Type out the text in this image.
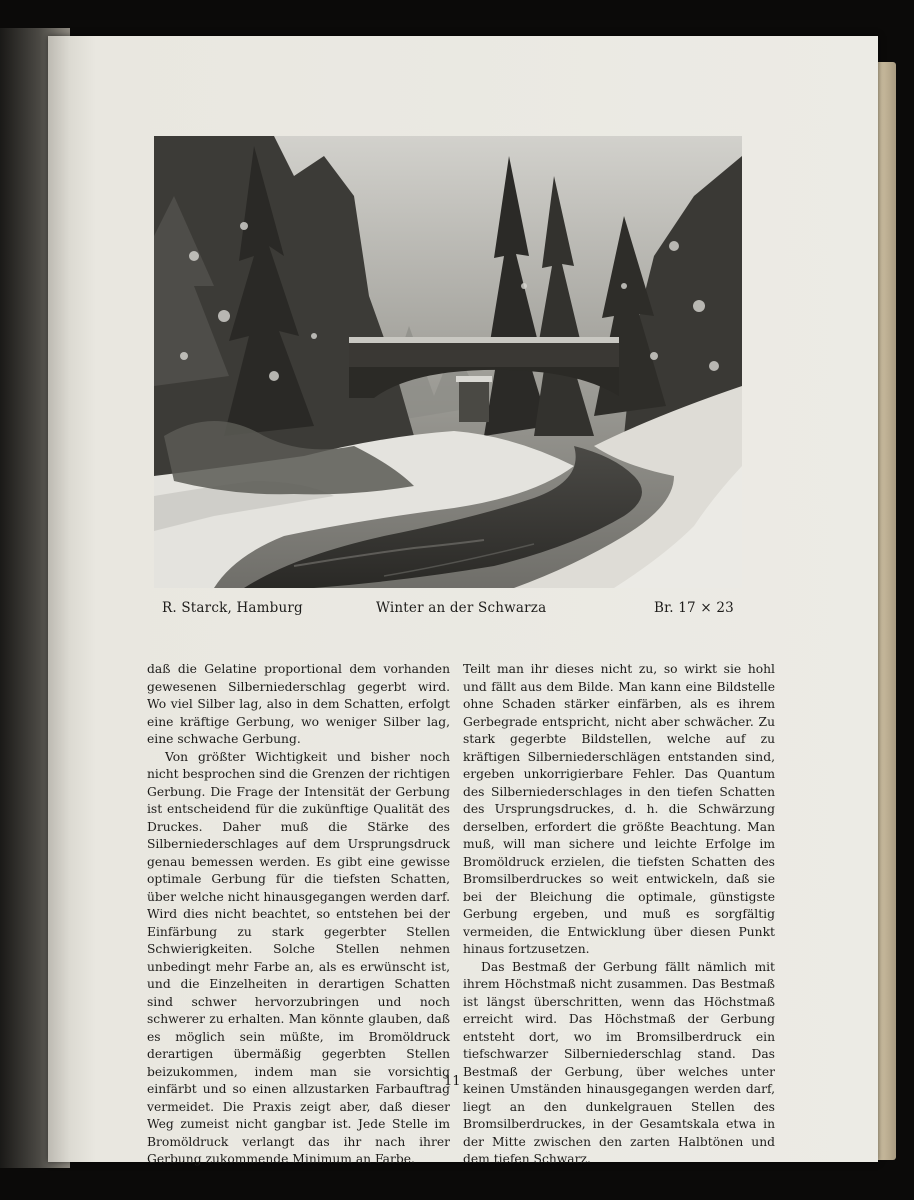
R. Starck, Hamburg	Winter an der Schwarza	Br. 17 × 23

daß die Gelatine proportional dem vorhanden gewesenen Silberniederschlag gegerbt wird. Wo viel Silber lag, also in dem Schatten, erfolgt eine kräftige Gerbung, wo weniger Silber lag, eine schwache Gerbung.

Von größter Wichtigkeit und bisher noch nicht besprochen sind die Grenzen der richtigen Gerbung. Die Frage der Intensität der Gerbung ist entscheidend für die zukünftige Qualität des Druckes. Daher muß die Stärke des Silberniederschlages auf dem Ursprungsdruck genau bemessen werden. Es gibt eine gewisse optimale Gerbung für die tiefsten Schatten, über welche nicht hinausgegangen werden darf. Wird dies nicht beachtet, so entstehen bei der Einfärbung zu stark gegerbter Stellen Schwierigkeiten. Solche Stellen nehmen unbedingt mehr Farbe an, als es erwünscht ist, und die Einzelheiten in derartigen Schatten sind schwer hervorzubringen und noch schwerer zu erhalten. Man könnte glauben, daß es möglich sein müßte, im Bromöldruck derartigen übermäßig gegerbten Stellen beizukommen, indem man sie vorsichtig einfärbt und so einen allzustarken Farbauftrag vermeidet. Die Praxis zeigt aber, daß dieser Weg zumeist nicht gangbar ist. Jede Stelle im Bromöldruck verlangt das ihr nach ihrer Gerbung zukommende Minimum an Farbe.

Teilt man ihr dieses nicht zu, so wirkt sie hohl und fällt aus dem Bilde. Man kann eine Bildstelle ohne Schaden stärker einfärben, als es ihrem Gerbegrade entspricht, nicht aber schwächer. Zu stark gegerbte Bildstellen, welche auf zu kräftigen Silberniederschlägen entstanden sind, ergeben unkorrigierbare Fehler. Das Quantum des Silberniederschlages in den tiefen Schatten des Ursprungsdruckes, d. h. die Schwärzung derselben, erfordert die größte Beachtung. Man muß, will man sichere und leichte Erfolge im Bromöldruck erzielen, die tiefsten Schatten des Bromsilberdruckes so weit entwickeln, daß sie bei der Bleichung die optimale, günstigste Gerbung ergeben, und muß es sorgfältig vermeiden, die Entwicklung über diesen Punkt hinaus fortzusetzen.

Das Bestmaß der Gerbung fällt nämlich mit ihrem Höchstmaß nicht zusammen. Das Bestmaß ist längst überschritten, wenn das Höchstmaß erreicht wird. Das Höchstmaß der Gerbung entsteht dort, wo im Bromsilberdruck ein tiefschwarzer Silberniederschlag stand. Das Bestmaß der Gerbung, über welches unter keinen Umständen hinausgegangen werden darf, liegt an den dunkelgrauen Stellen des Bromsilberdruckes, in der Gesamtskala etwa in der Mitte zwischen den zarten Halbtönen und dem tiefen Schwarz.

11
